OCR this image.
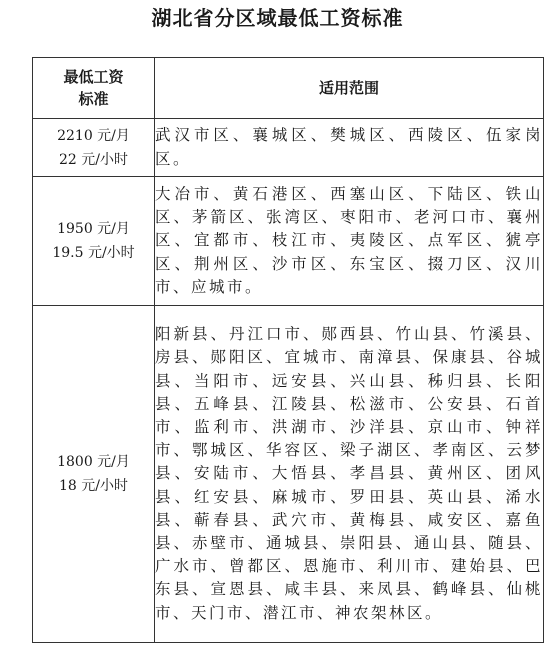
湖北省分区域最低工资标准
最低工资
标准	适用范围

2210 元/月
22 元/小时	武汉市区、襄城区、樊城区、西陵区、伍家岗区。

1950 元/月
19.5 元/小时	大冶市、黄石港区、西塞山区、下陆区、铁山区、茅箭区、张湾区、枣阳市、老河口市、襄州区、宜都市、枝江市、夷陵区、点军区、猇亭区、荆州区、沙市区、东宝区、掇刀区、汉川市、应城市。

1800 元/月
18 元/小时	阳新县、丹江口市、郧西县、竹山县、竹溪县、房县、郧阳区、宜城市、南漳县、保康县、谷城县、当阳市、远安县、兴山县、秭归县、长阳县、五峰县、江陵县、松滋市、公安县、石首市、监利市、洪湖市、沙洋县、京山市、钟祥市、鄂城区、华容区、梁子湖区、孝南区、云梦县、安陆市、大悟县、孝昌县、黄州区、团风县、红安县、麻城市、罗田县、英山县、浠水县、蕲春县、武穴市、黄梅县、咸安区、嘉鱼县、赤壁市、通城县、崇阳县、通山县、随县、广水市、曾都区、恩施市、利川市、建始县、巴东县、宣恩县、咸丰县、来凤县、鹤峰县、仙桃市、天门市、潜江市、神农架林区。
